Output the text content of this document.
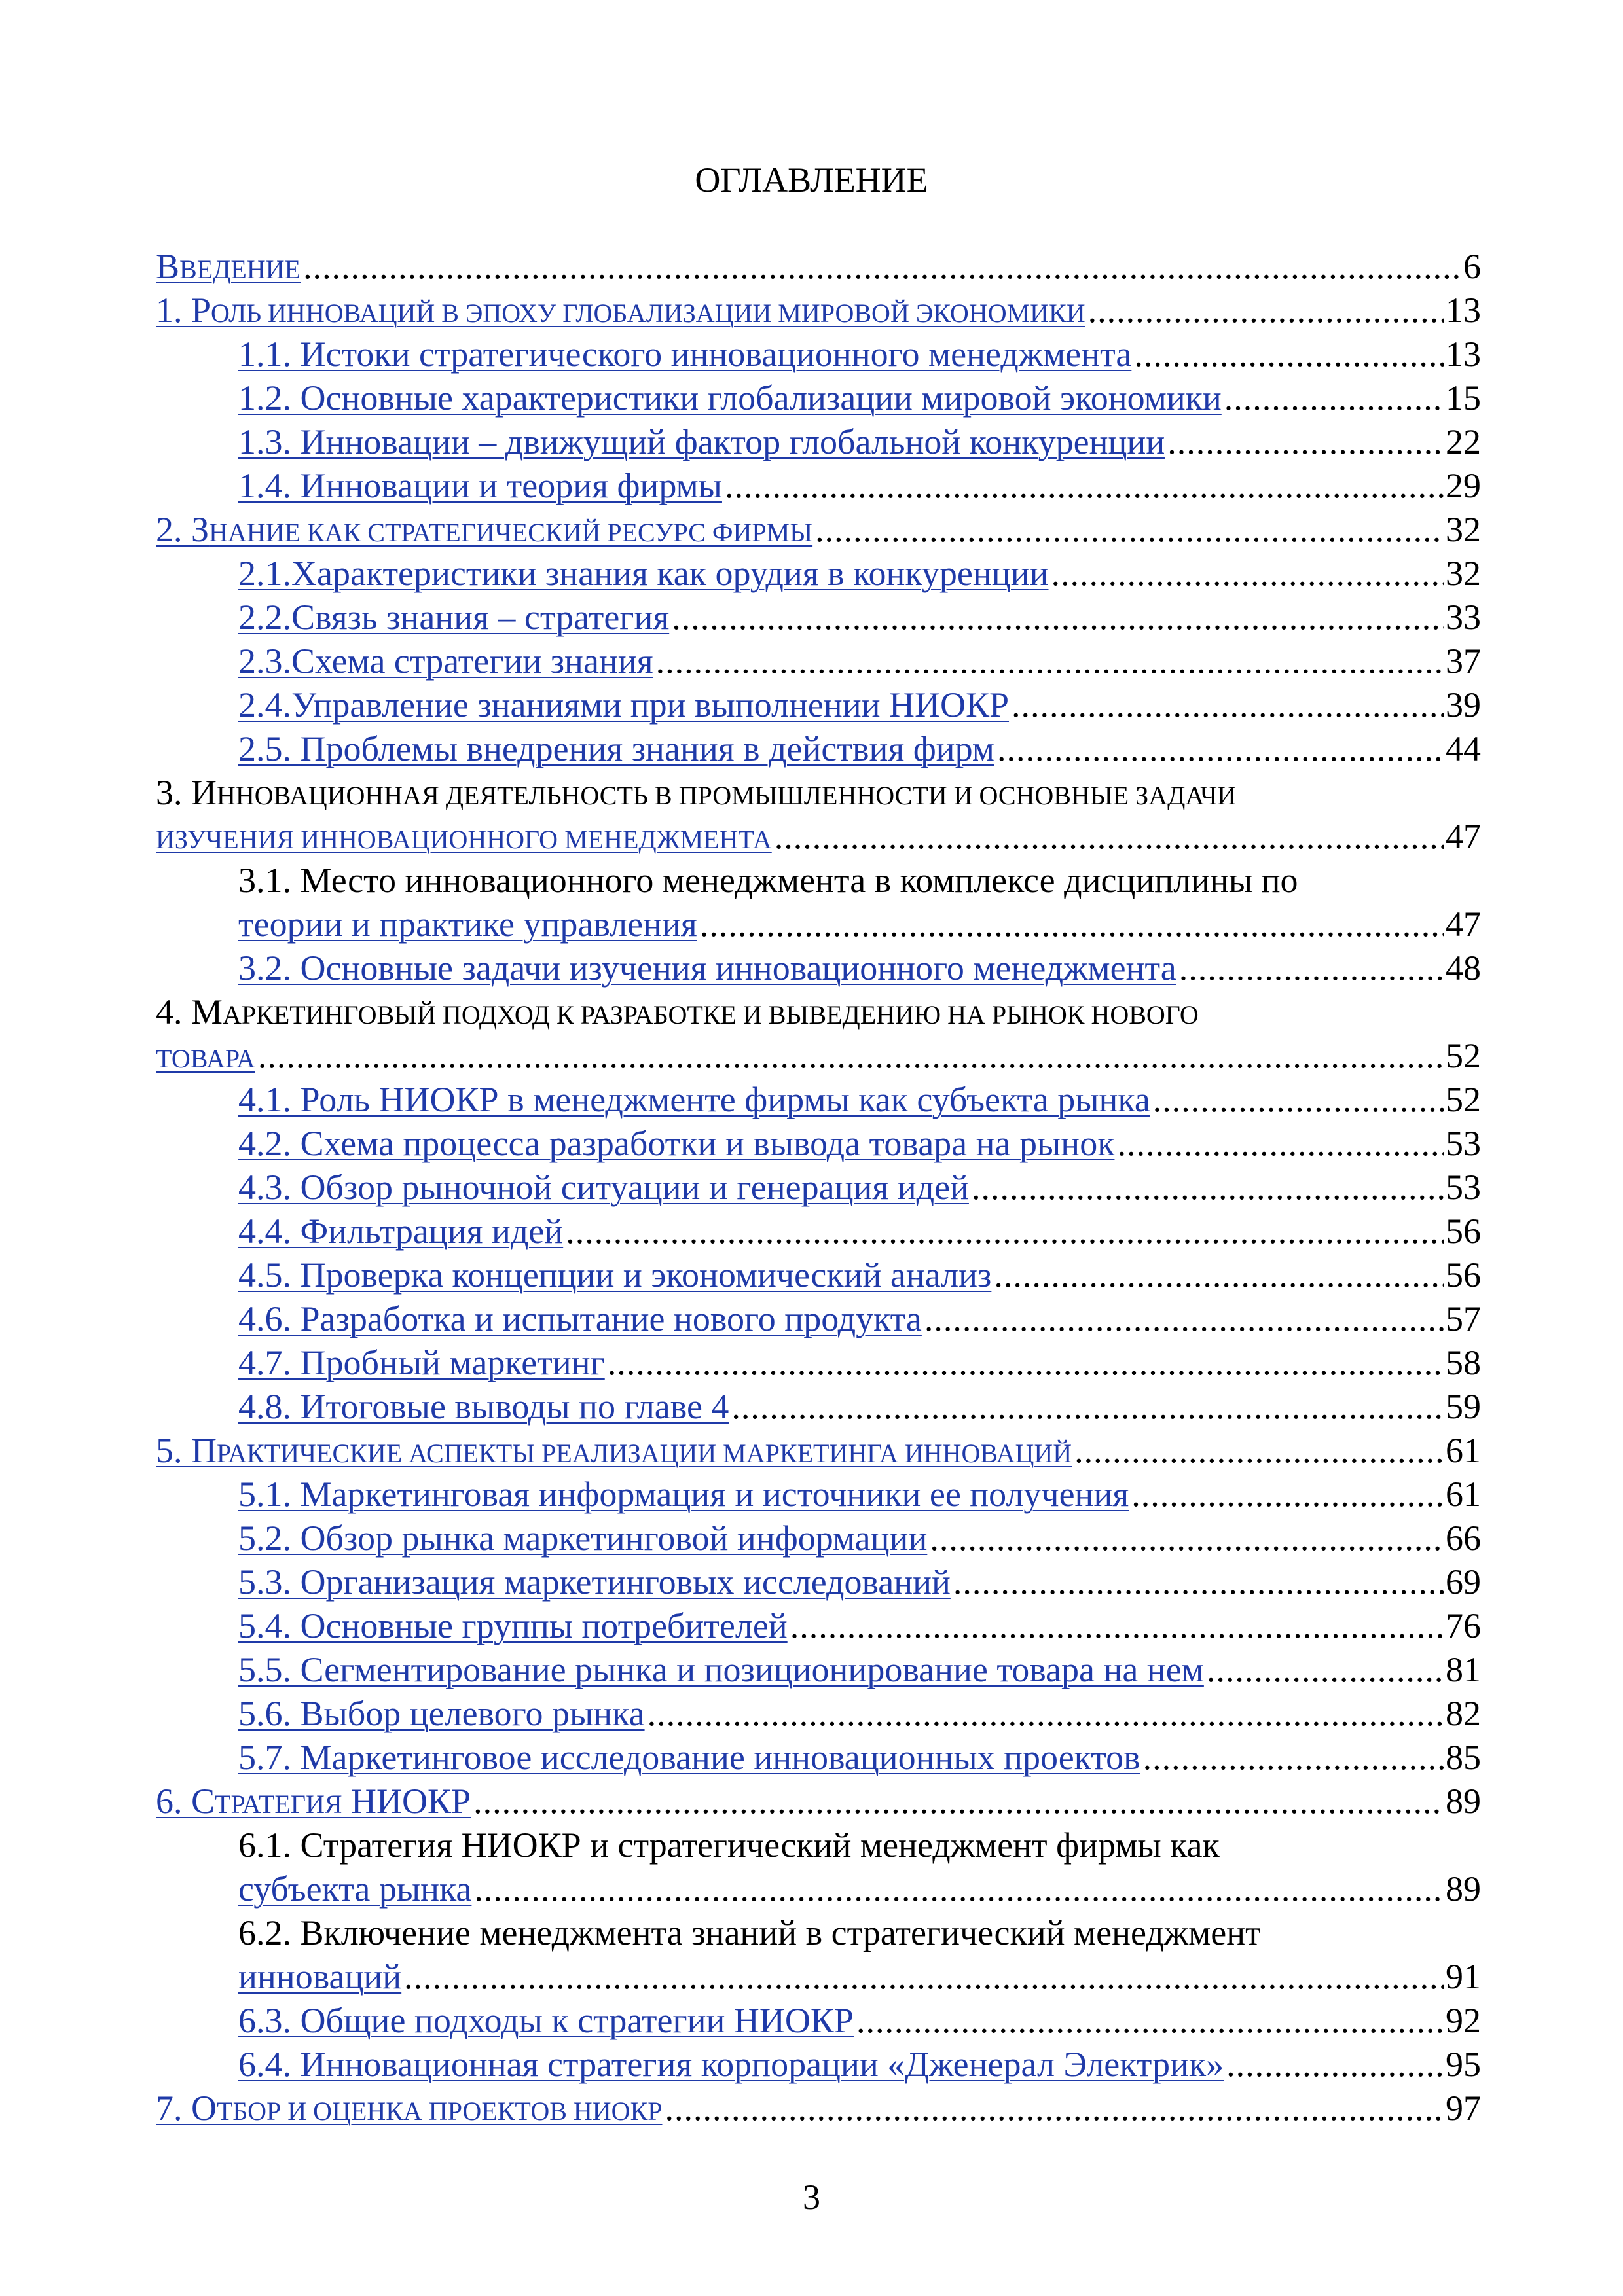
ОГЛАВЛЕНИЕ
ВВЕДЕНИЕ .....	6
1. РОЛЬ ИННОВАЦИЙ В ЭПОХУ ГЛОБАЛИЗАЦИИ МИРОВОЙ ЭКОНОМИКИ .....	13
1.1. Истоки стратегического инновационного менеджмента .....	13
1.2. Основные характеристики глобализации мировой экономики .....	15
1.3. Инновации – движущий фактор глобальной конкуренции .....	22
1.4. Инновации и теория фирмы .....	29
2. ЗНАНИЕ КАК СТРАТЕГИЧЕСКИЙ РЕСУРС ФИРМЫ .....	32
2.1.Характеристики знания как орудия в конкуренции .....	32
2.2.Связь знания – стратегия .....	33
2.3.Схема стратегии знания .....	37
2.4.Управление знаниями при выполнении НИОКР .....	39
2.5. Проблемы внедрения знания в действия фирм .....	44
3. ИННОВАЦИОННАЯ ДЕЯТЕЛЬНОСТЬ В ПРОМЫШЛЕННОСТИ И ОСНОВНЫЕ ЗАДАЧИ
ИЗУЧЕНИЯ ИННОВАЦИОННОГО МЕНЕДЖМЕНТА .....	47
3.1. Место инновационного менеджмента в комплексе дисциплины по
теории и практике управления .....	47
3.2. Основные задачи изучения инновационного менеджмента .....	48
4. МАРКЕТИНГОВЫЙ ПОДХОД К РАЗРАБОТКЕ И ВЫВЕДЕНИЮ НА РЫНОК НОВОГО
ТОВАРА .....	52
4.1. Роль НИОКР в менеджменте фирмы как субъекта рынка .....	52
4.2. Схема процесса разработки и вывода товара на рынок .....	53
4.3. Обзор рыночной ситуации и генерация идей .....	53
4.4. Фильтрация идей .....	56
4.5. Проверка концепции и экономический анализ .....	56
4.6. Разработка и испытание нового продукта .....	57
4.7. Пробный маркетинг .....	58
4.8. Итоговые выводы по главе 4 .....	59
5. ПРАКТИЧЕСКИЕ АСПЕКТЫ РЕАЛИЗАЦИИ МАРКЕТИНГА ИННОВАЦИЙ .....	61
5.1. Маркетинговая информация и источники ее получения .....	61
5.2. Обзор рынка маркетинговой информации .....	66
5.3. Организация маркетинговых исследований .....	69
5.4. Основные группы потребителей .....	76
5.5. Сегментирование рынка и позиционирование товара на нем .....	81
5.6. Выбор целевого рынка .....	82
5.7. Маркетинговое исследование инновационных проектов .....	85
6. СТРАТЕГИЯ НИОКР .....	89
6.1. Стратегия НИОКР и стратегический менеджмент фирмы как
субъекта рынка .....	89
6.2. Включение менеджмента знаний в стратегический менеджмент
инноваций .....	91
6.3. Общие подходы к стратегии НИОКР .....	92
6.4. Инновационная стратегия корпорации «Дженерал Электрик» .....	95
7. ОТБОР И ОЦЕНКА ПРОЕКТОВ НИОКР .....	97
3
